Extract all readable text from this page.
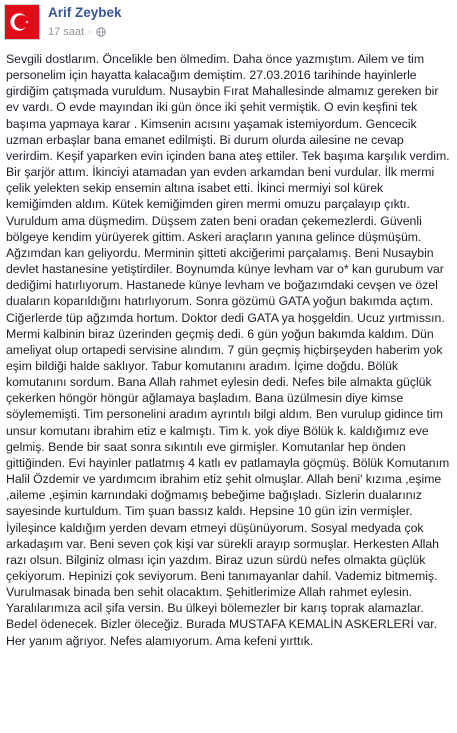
Arif Zeybek
17 saat ·

Sevgili dostlarım. Öncelikle ben ölmedim. Daha önce yazmıştım. Ailem ve tim personelim için hayatta kalacağım demiştim. 27.03.2016 tarihinde hayinlerle girdiğim çatışmada vuruldum. Nusaybin Fırat Mahallesinde almamız gereken bir ev vardı. O evde mayından iki gün önce iki şehit vermiştik. O evin keşfini tek başıma yapmaya karar . Kimsenin acısını yaşamak istemiyordum. Gencecik uzman erbaşlar bana emanet edilmişti. Bi durum olurda ailesine ne cevap verirdim. Keşif yaparken evin içinden bana ateş ettiler. Tek başıma karşılık verdim. Bir şarjör attım. İkinciyi atamadan yan evden arkamdan beni vurdular. İlk mermi çelik yelekten sekip ensemin altına isabet etti. İkinci mermiyi sol kürek kemiğimden aldım. Kütek kemiğimden giren mermi omuzu parçalayıp çıktı. Vuruldum ama düşmedim. Düşsem zaten beni oradan çekemezlerdi. Güvenli bölgeye kendim yürüyerek gittim. Askeri araçların yanına gelince düşmüşüm. Ağzımdan kan geliyordu. Merminin şitteti akciğerimi parçalamış. Beni Nusaybin devlet hastanesine yetiştirdiler. Boynumda künye levham var o* kan gurubum var dediğimi hatırlıyorum. Hastanede künye levham ve boğazımdaki cevşen ve özel duaların koparıldığını hatırlıyorum. Sonra gözümü GATA yoğun bakımda açtım. Ciğerlerde tüp ağzımda hortum. Doktor dedi GATA ya hoşgeldin. Ucuz yırtmıssın. Mermi kalbinin biraz üzerinden geçmiş dedi. 6 gün yoğun bakımda kaldım. Dün ameliyat olup ortapedi servisine alındım. 7 gün geçmiş hiçbirşeyden haberim yok eşim bildiği halde saklıyor. Tabur komutanını aradım. İçime doğdu. Bölük komutanını sordum. Bana Allah rahmet eylesin dedi. Nefes bile almakta güçlük çekerken höngör höngür ağlamaya başladım. Bana üzülmesin diye kimse söylememişti. Tim personelini aradım ayrıntılı bilgi aldım. Ben vurulup gidince tim unsur komutanı ibrahim etiz e kalmıştı. Tim k. yok diye Bölük k. kaldığımız eve gelmiş. Bende bir saat sonra sıkıntılı eve girmişler. Komutanlar hep önden gittiğinden. Evi hayinler patlatmış 4 katlı ev patlamayla göçmüş. Bölük Komutanım Halil Özdemir ve yardımcım ibrahim etiz şehit olmuşlar. Allah beni' kızıma ,eşime ,aileme ,eşimin karnındaki doğmamış bebeğime bağışladı. Sizlerin dualarınız sayesinde kurtuldum. Tim şuan bassız kaldı. Hepsine 10 gün izin vermişler. İyileşince kaldığım yerden devam etmeyi düşünüyorum. Sosyal medyada çok arkadaşım var. Beni seven çok kişi var sürekli arayıp sormuşlar. Herkesten Allah razı olsun. Bilginiz olması için yazdım. Biraz uzun sürdü nefes olmakta güçlük çekiyorum. Hepinizi çok seviyorum. Beni tanımayanlar dahil. Vademiz bitmemiş. Vurulmasak binada ben sehit olacaktım. Şehitlerimize Allah rahmet eylesin. Yaralılarımıza acil şifa versin. Bu ülkeyi bölemezler bir karış toprak alamazlar. Bedel ödenecek. Bizler öleceğiz. Burada MUSTAFA KEMALİN ASKERLERİ var. Her yanım ağrıyor. Nefes alamıyorum. Ama kefeni yırttık.
